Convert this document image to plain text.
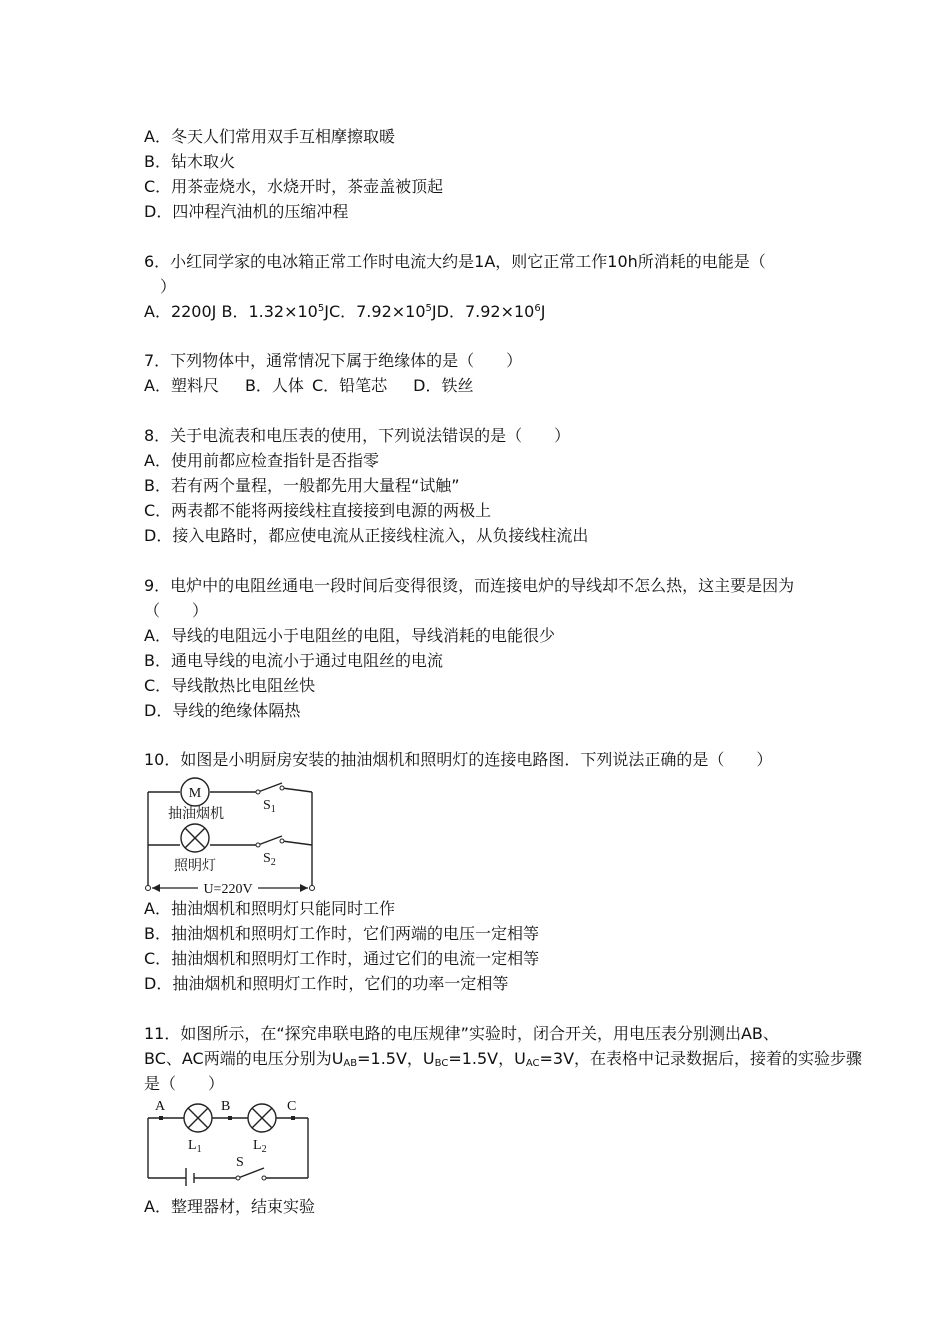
A．冬天人们常用双手互相摩擦取暖
B．钻木取火
C．用茶壶烧水，水烧开时，茶壶盖被顶起
D．四冲程汽油机的压缩冲程
6．小红同学家的电冰箱正常工作时电流大约是1A，则它正常工作10h所消耗的电能是（
）
A．2200J B．$1.32\times 10^5JC$．$7.92\times 10^5JD$．$7.92\times 10^6J$
7．下列物体中，通常情况下属于绝缘体的是（　　）
A．塑料尺 B．人体 C．铅笔芯 D．铁丝
8．关于电流表和电压表的使用，下列说法错误的是（　　）
A．使用前都应检查指针是否指零
B．若有两个量程，一般都先用大量程“试触”
C．两表都不能将两接线柱直接接到电源的两极上
D．接入电路时，都应使电流从正接线柱流入，从负接线柱流出
9．电炉中的电阻丝通电一段时间后变得很烫，而连接电炉的导线却不怎么热，这主要是因为
（　　）
A．导线的电阻远小于电阻丝的电阻，导线消耗的电能很少
B．通电导线的电流小于通过电阻丝的电流
C．导线散热比电阻丝快
D．导线的绝缘体隔热
10．如图是小明厨房安装的抽油烟机和照明灯的连接电路图．下列说法正确的是（　　）
M
抽油烟机
照明灯
$S_1$
$S_2$
U=220V
A．抽油烟机和照明灯只能同时工作
B．抽油烟机和照明灯工作时，它们两端的电压一定相等
C．抽油烟机和照明灯工作时，通过它们的电流一定相等
D．抽油烟机和照明灯工作时，它们的功率一定相等
11．如图所示，在“探究串联电路的电压规律”实验时，闭合开关，用电压表分别测出AB、
BC、AC两端的电压分别为$U_{AB}=1.5V$，$U_{BC}=1.5V$，$U_{AC}=3V$，在表格中记录数据后，接着的实验步骤
是（　　）
A	B	C
$L_1$	$L_2$
S
A．整理器材，结束实验
